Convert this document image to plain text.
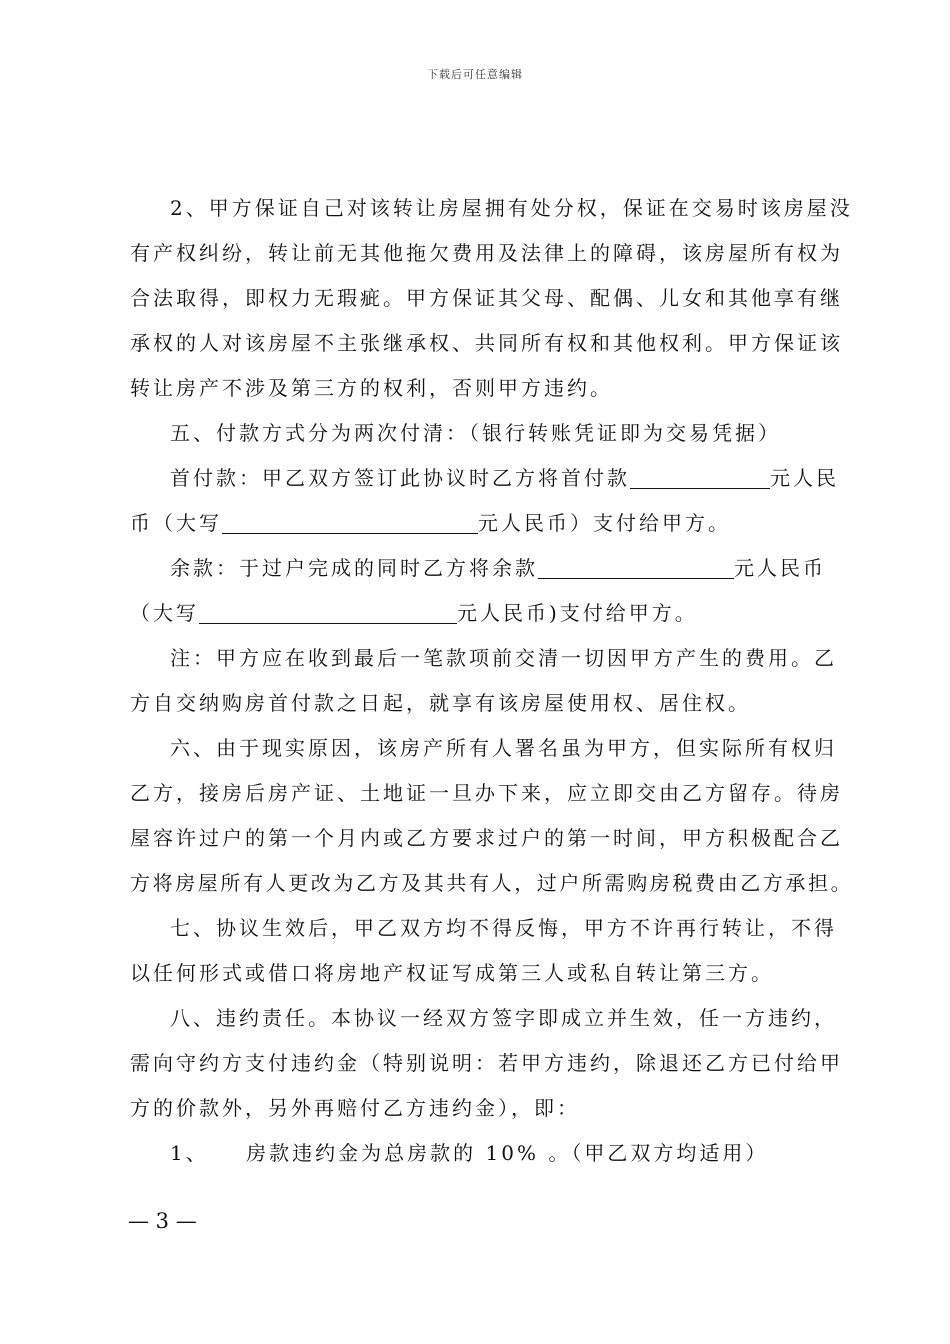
下载后可任意编辑
2、甲方保证自己对该转让房屋拥有处分权，保证在交易时该房屋没
有产权纠纷，转让前无其他拖欠费用及法律上的障碍，该房屋所有权为
合法取得，即权力无瑕疵。甲方保证其父母、配偶、儿女和其他享有继
承权的人对该房屋不主张继承权、共同所有权和其他权利。甲方保证该
转让房产不涉及第三方的权利，否则甲方违约。
五、付款方式分为两次付清：（银行转账凭证即为交易凭据）
首付款：甲乙双方签订此协议时乙方将首付款	元人民
币（大写	元人民币）支付给甲方。
余款：于过户完成的同时乙方将余款	元人民币
（大写	元人民币)支付给甲方。
注：甲方应在收到最后一笔款项前交清一切因甲方产生的费用。乙
方自交纳购房首付款之日起，就享有该房屋使用权、居住权。
六、由于现实原因，该房产所有人署名虽为甲方，但实际所有权归
乙方，接房后房产证、土地证一旦办下来，应立即交由乙方留存。待房
屋容许过户的第一个月内或乙方要求过户的第一时间，甲方积极配合乙
方将房屋所有人更改为乙方及其共有人，过户所需购房税费由乙方承担。
七、协议生效后，甲乙双方均不得反悔，甲方不许再行转让，不得
以任何形式或借口将房地产权证写成第三人或私自转让第三方。
八、违约责任。本协议一经双方签字即成立并生效，任一方违约，
需向守约方支付违约金（特别说明：若甲方违约，除退还乙方已付给甲
方的价款外，另外再赔付乙方违约金），即：
1、    房款违约金为总房款的 10% 。（甲乙双方均适用）
— 3 —
